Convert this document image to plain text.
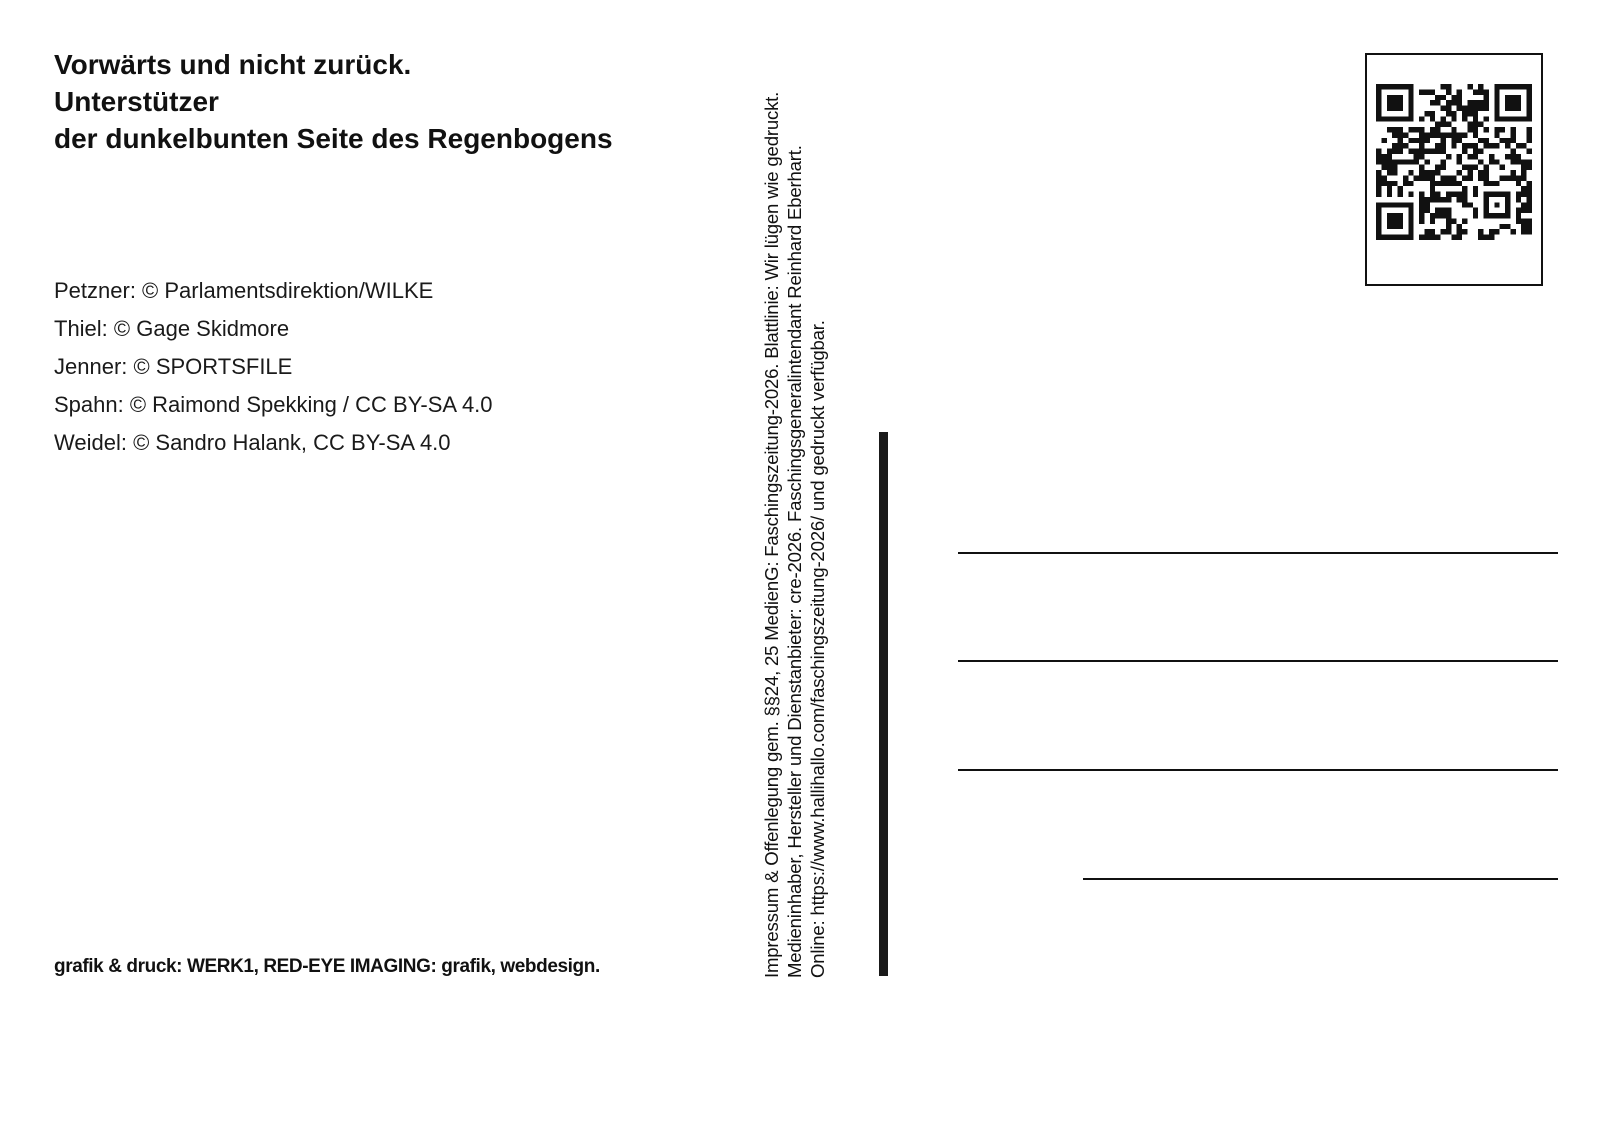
Vorwärts und nicht zurück.
Unterstützer
der dunkelbunten Seite des Regenbogens
Petzner: © Parlamentsdirektion/WILKE
Thiel: © Gage Skidmore
Jenner: © SPORTSFILE
Spahn: © Raimond Spekking / CC BY-SA 4.0
Weidel: © Sandro Halank, CC BY-SA 4.0
grafik & druck: WERK1, RED-EYE IMAGING: grafik, webdesign.	Impressum & Offenlegung gem. §§24, 25 MedienG: Faschingszeitung-2026. Blattlinie: Wir lügen wie gedruckt. Medieninhaber, Hersteller und Dienstanbieter: cre-2026. Faschingsgeneralintendant Reinhard Eberhart. Online: https://www.hallihallo.com/faschingszeitung-2026/ und gedruckt verfügbar.
